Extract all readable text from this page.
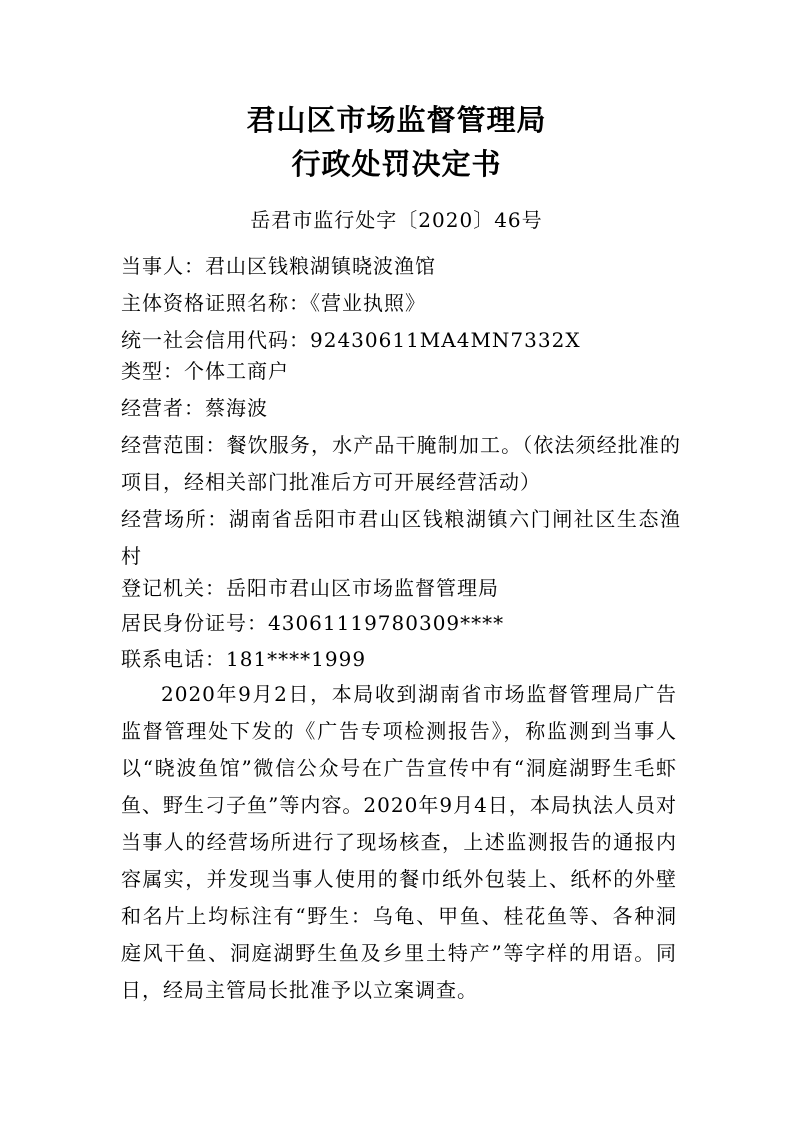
君山区市场监督管理局
行政处罚决定书
岳君市监行处字〔2020〕46号
当事人：君山区钱粮湖镇晓波渔馆
主体资格证照名称：《营业执照》
统一社会信用代码：92430611MA4MN7332X
类型：个体工商户
经营者：蔡海波
经营范围：餐饮服务，水产品干腌制加工。（依法须经批准的项目，经相关部门批准后方可开展经营活动）
经营场所：湖南省岳阳市君山区钱粮湖镇六门闸社区生态渔村
登记机关：岳阳市君山区市场监督管理局
居民身份证号：43061119780309****
联系电话：181****1999
2020年9月2日，本局收到湖南省市场监督管理局广告监督管理处下发的《广告专项检测报告》，称监测到当事人以“晓波鱼馆”微信公众号在广告宣传中有“洞庭湖野生毛虾鱼、野生刁子鱼”等内容。2020年9月4日，本局执法人员对当事人的经营场所进行了现场核查，上述监测报告的通报内容属实，并发现当事人使用的餐巾纸外包装上、纸杯的外壁和名片上均标注有“野生：乌龟、甲鱼、桂花鱼等、各种洞庭风干鱼、洞庭湖野生鱼及乡里土特产”等字样的用语。同日，经局主管局长批准予以立案调查。
